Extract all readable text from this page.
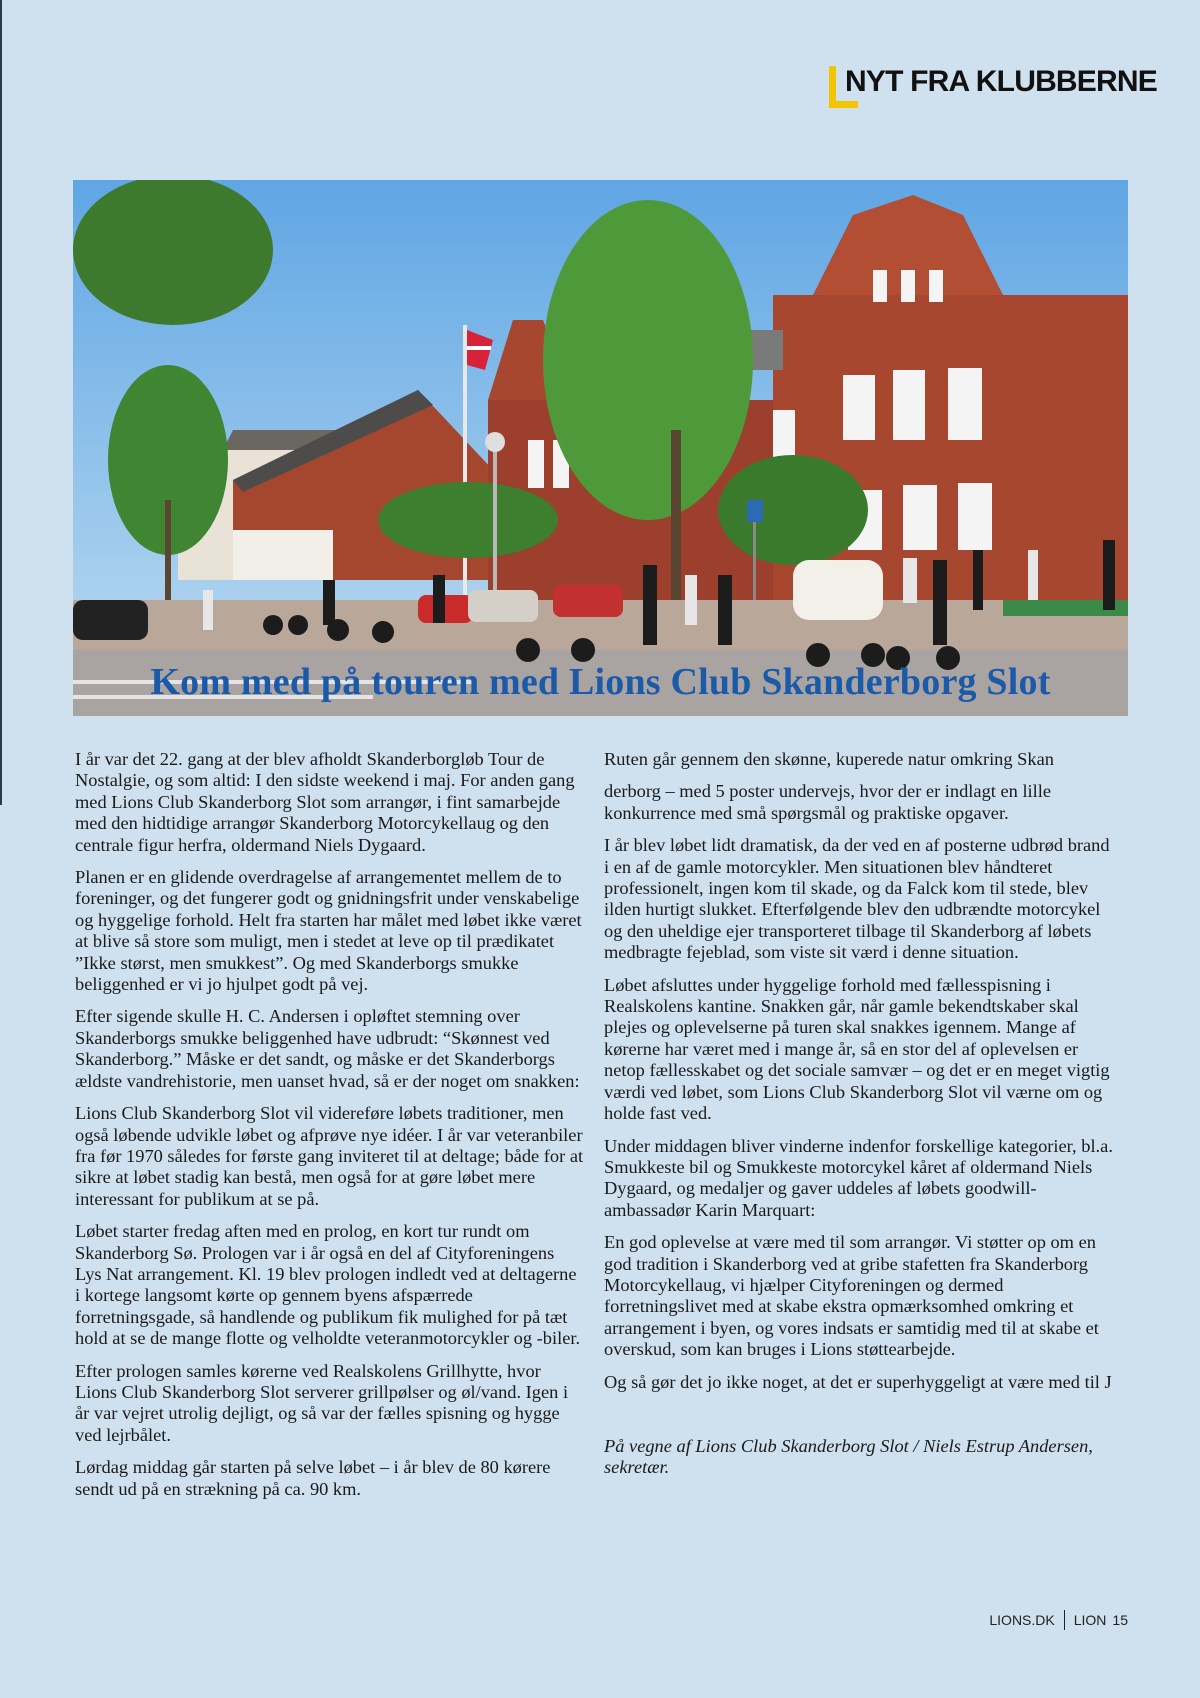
NYT FRA KLUBBERNE
Kom med på touren med Lions Club Skanderborg Slot

I år var det 22. gang at der blev afholdt Skanderborgløb Tour de Nostalgie, og som altid: I den sidste weekend i maj. For anden gang med Lions Club Skanderborg Slot som arrangør, i fint samarbejde med den hidtidige arrangør Skanderborg Motorcykellaug og den centrale figur herfra, oldermand Niels Dygaard.

Planen er en glidende overdragelse af arrangementet mellem de to foreninger, og det fungerer godt og gnidningsfrit under venskabelige og hyggelige forhold. Helt fra starten har målet med løbet ikke været at blive så store som muligt, men i stedet at leve op til prædikatet ”Ikke størst, men smukkest”. Og med Skanderborgs smukke beliggenhed er vi jo hjulpet godt på vej.

Efter sigende skulle H. C. Andersen i opløftet stemning over Skanderborgs smukke beliggenhed have udbrudt: “Skønnest ved Skanderborg.” Måske er det sandt, og måske er det Skanderborgs ældste vandrehistorie, men uanset hvad, så er der noget om snakken:

Lions Club Skanderborg Slot vil videreføre løbets traditioner, men også løbende udvikle løbet og afprøve nye idéer. I år var veteranbiler fra før 1970 således for første gang inviteret til at deltage; både for at sikre at løbet stadig kan bestå, men også for at gøre løbet mere interessant for publikum at se på.

Løbet starter fredag aften med en prolog, en kort tur rundt om Skanderborg Sø. Prologen var i år også en del af Cityforeningens Lys Nat arrangement. Kl. 19 blev prologen indledt ved at deltagerne i kortege langsomt kørte op gennem byens afspærrede forretningsgade, så handlende og publikum fik mulighed for på tæt hold at se de mange flotte og velholdte veteranmotorcykler og -biler.

Efter prologen samles kørerne ved Realskolens Grillhytte, hvor Lions Club Skanderborg Slot serverer grillpølser og øl/vand. Igen i år var vejret utrolig dejligt, og så var der fælles spisning og hygge ved lejrbålet.

Lørdag middag går starten på selve løbet – i år blev de 80 kørere sendt ud på en strækning på ca. 90 km.

Ruten går gennem den skønne, kuperede natur omkring Skan

derborg – med 5 poster undervejs, hvor der er indlagt en lille konkurrence med små spørgsmål og praktiske opgaver.

I år blev løbet lidt dramatisk, da der ved en af posterne udbrød brand i en af de gamle motorcykler. Men situationen blev håndteret professionelt, ingen kom til skade, og da Falck kom til stede, blev ilden hurtigt slukket. Efterfølgende blev den udbrændte motorcykel og den uheldige ejer transporteret tilbage til Skanderborg af løbets medbragte fejeblad, som viste sit værd i denne situation.

Løbet afsluttes under hyggelige forhold med fællesspisning i Realskolens kantine. Snakken går, når gamle bekendtskaber skal plejes og oplevelserne på turen skal snakkes igennem. Mange af kørerne har været med i mange år, så en stor del af oplevelsen er netop fællesskabet og det sociale samvær – og det er en meget vigtig værdi ved løbet, som Lions Club Skanderborg Slot vil værne om og holde fast ved.

Under middagen bliver vinderne indenfor forskellige kategorier, bl.a. Smukkeste bil og Smukkeste motorcykel kåret af oldermand Niels Dygaard, og medaljer og gaver uddeles af løbets goodwill-ambassadør Karin Marquart:

En god oplevelse at være med til som arrangør. Vi støtter op om en god tradition i Skanderborg ved at gribe stafetten fra Skanderborg Motorcykellaug, vi hjælper Cityforeningen og dermed forretningslivet med at skabe ekstra opmærksomhed omkring et arrangement i byen, og vores indsats er samtidig med til at skabe et overskud, som kan bruges i Lions støttearbejde.

Og så gør det jo ikke noget, at det er superhyggeligt at være med til J

På vegne af Lions Club Skanderborg Slot / Niels Estrup Andersen, sekretær.

LIONS.DK LION 15
